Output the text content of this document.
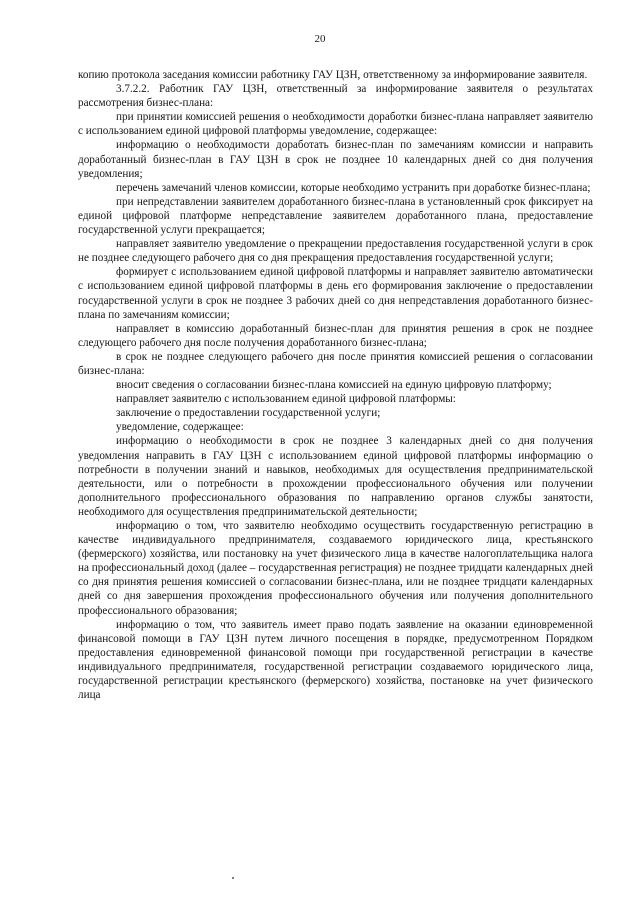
20

копию протокола заседания комиссии работнику ГАУ ЦЗН, ответственному за информирование заявителя.

3.7.2.2. Работник ГАУ ЦЗН, ответственный за информирование заявителя о результатах рассмотрения бизнес-плана:

при принятии комиссией решения о необходимости доработки бизнес-плана направляет заявителю с использованием единой цифровой платформы уведомление, содержащее:

информацию о необходимости доработать бизнес-план по замечаниям комиссии и направить доработанный бизнес-план в ГАУ ЦЗН в срок не позднее 10 календарных дней со дня получения уведомления;

перечень замечаний членов комиссии, которые необходимо устранить при доработке бизнес-плана;

при непредставлении заявителем доработанного бизнес-плана в установленный срок фиксирует на единой цифровой платформе непредставление заявителем доработанного плана, предоставление государственной услуги прекращается;

направляет заявителю уведомление о прекращении предоставления государственной услуги в срок не позднее следующего рабочего дня со дня прекращения предоставления государственной услуги;

формирует с использованием единой цифровой платформы и направляет заявителю автоматически с использованием единой цифровой платформы в день его формирования заключение о предоставлении государственной услуги в срок не позднее 3 рабочих дней со дня непредставления доработанного бизнес-плана по замечаниям комиссии;

направляет в комиссию доработанный бизнес-план для принятия решения в срок не позднее следующего рабочего дня после получения доработанного бизнес-плана;

в срок не позднее следующего рабочего дня после принятия комиссией решения о согласовании бизнес-плана:

вносит сведения о согласовании бизнес-плана комиссией на единую цифровую платформу;

направляет заявителю с использованием единой цифровой платформы:

заключение о предоставлении государственной услуги;

уведомление, содержащее:

информацию о необходимости в срок не позднее 3 календарных дней со дня получения уведомления направить в ГАУ ЦЗН с использованием единой цифровой платформы информацию о потребности в получении знаний и навыков, необходимых для осуществления предпринимательской деятельности, или о потребности в прохождении профессионального обучения или получении дополнительного профессионального образования по направлению органов службы занятости, необходимого для осуществления предпринимательской деятельности;

информацию о том, что заявителю необходимо осуществить государственную регистрацию в качестве индивидуального предпринимателя, создаваемого юридического лица, крестьянского (фермерского) хозяйства, или постановку на учет физического лица в качестве налогоплательщика налога на профессиональный доход (далее – государственная регистрация) не позднее тридцати календарных дней со дня принятия решения комиссией о согласовании бизнес-плана, или не позднее тридцати календарных дней со дня завершения прохождения профессионального обучения или получения дополнительного профессионального образования;

информацию о том, что заявитель имеет право подать заявление на оказании единовременной финансовой помощи в ГАУ ЦЗН путем личного посещения в порядке, предусмотренном Порядком предоставления единовременной финансовой помощи при государственной регистрации в качестве индивидуального предпринимателя, государственной регистрации создаваемого юридического лица, государственной регистрации крестьянского (фермерского) хозяйства, постановке на учет физического лица
